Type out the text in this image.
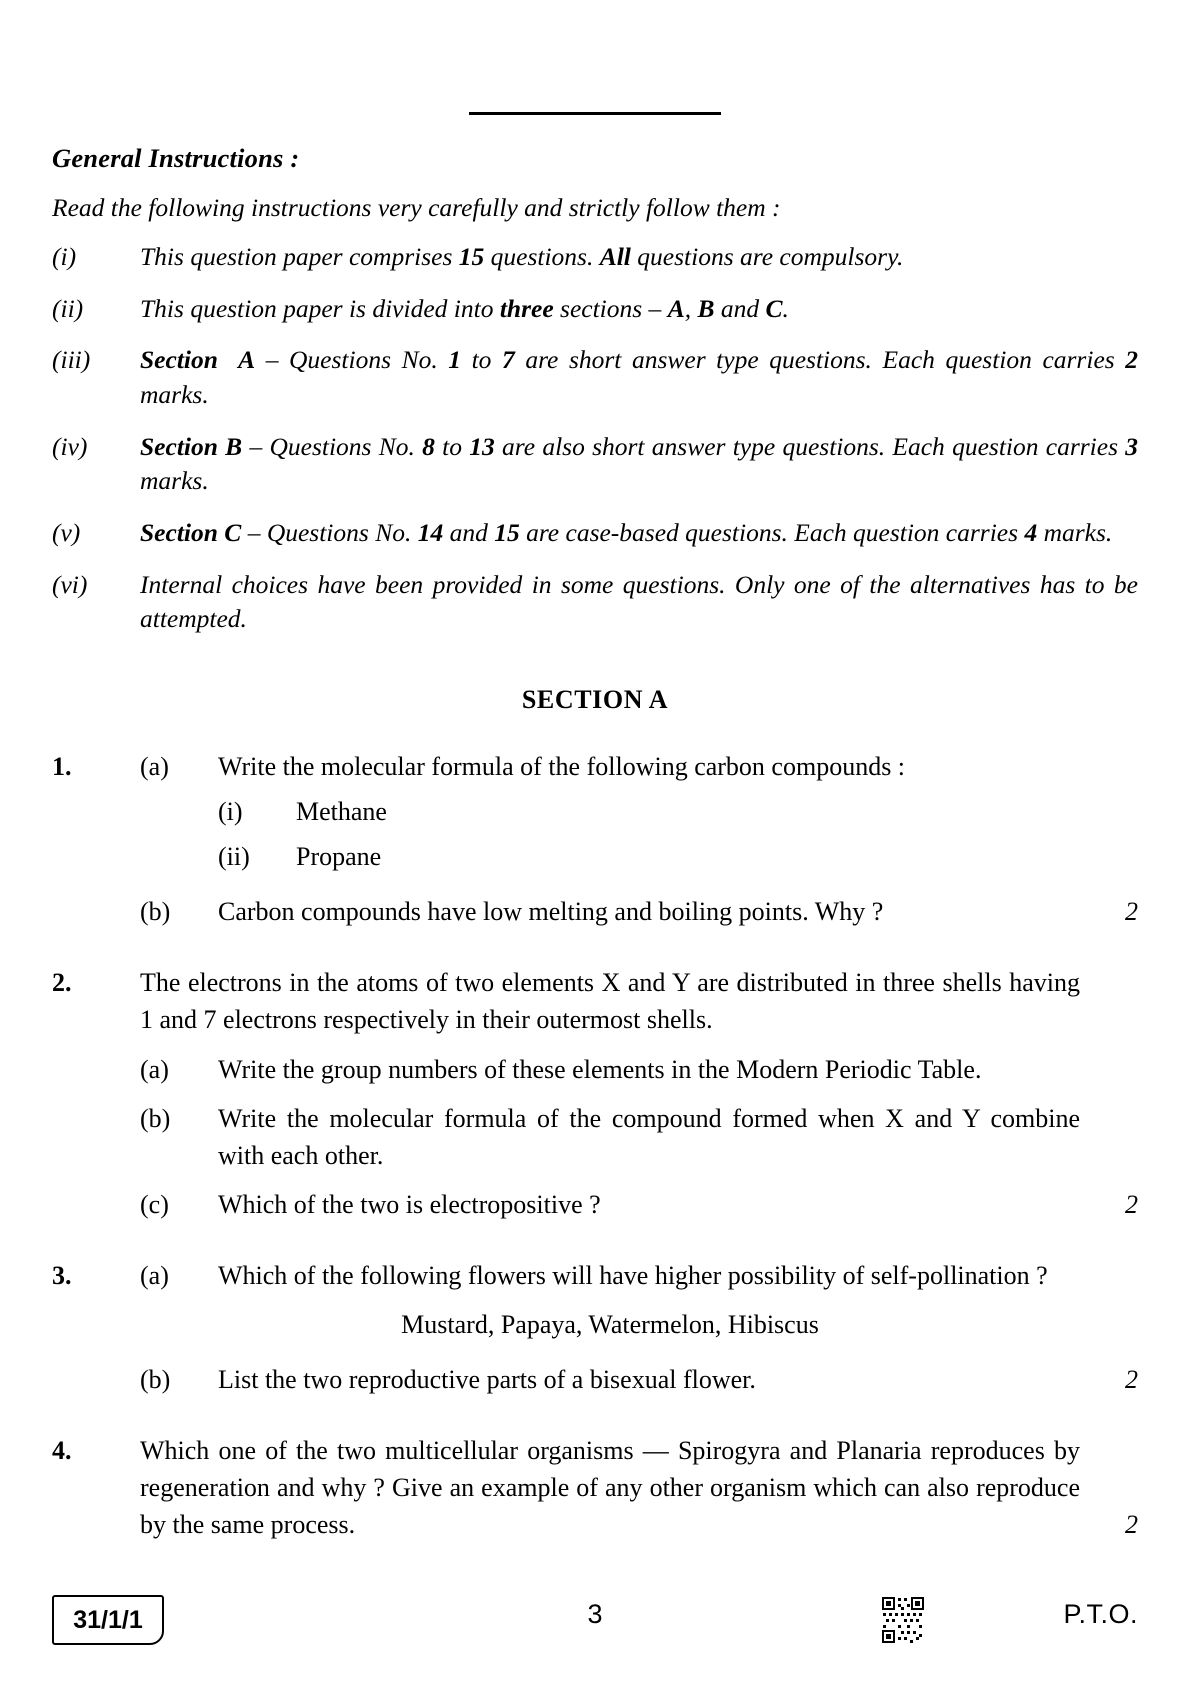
General Instructions :
Read the following instructions very carefully and strictly follow them :
(i)	This question paper comprises 15 questions. All questions are compulsory.
(ii)	This question paper is divided into three sections – A, B and C.
(iii)	Section  A – Questions No. 1 to 7 are short answer type questions. Each question carries 2 marks.
(iv)	Section B – Questions No. 8 to 13 are also short answer type questions. Each question carries 3 marks.
(v)	Section C – Questions No. 14 and 15 are case-based questions. Each question carries 4 marks.
(vi)	Internal choices have been provided in some questions. Only one of the alternatives has to be attempted.
SECTION A
1.	(a)	Write the molecular formula of the following carbon compounds :
(i)	Methane
(ii)	Propane
(b)	Carbon compounds have low melting and boiling points. Why ?	2
2.	The electrons in the atoms of two elements X and Y are distributed in three shells having 1 and 7 electrons respectively in their outermost shells.
(a)	Write the group numbers of these elements in the Modern Periodic Table.
(b)	Write the molecular formula of the compound formed when X and Y combine with each other.
(c)	Which of the two is electropositive ?	2
3.	(a)	Which of the following flowers will have higher possibility of self-pollination ?
Mustard, Papaya, Watermelon, Hibiscus
(b)	List the two reproductive parts of a bisexual flower.	2
4.	Which one of the two multicellular organisms — Spirogyra and Planaria reproduces by regeneration and why ? Give an example of any other organism which can also reproduce by the same process.	2
31/1/1	3	P.T.O.
